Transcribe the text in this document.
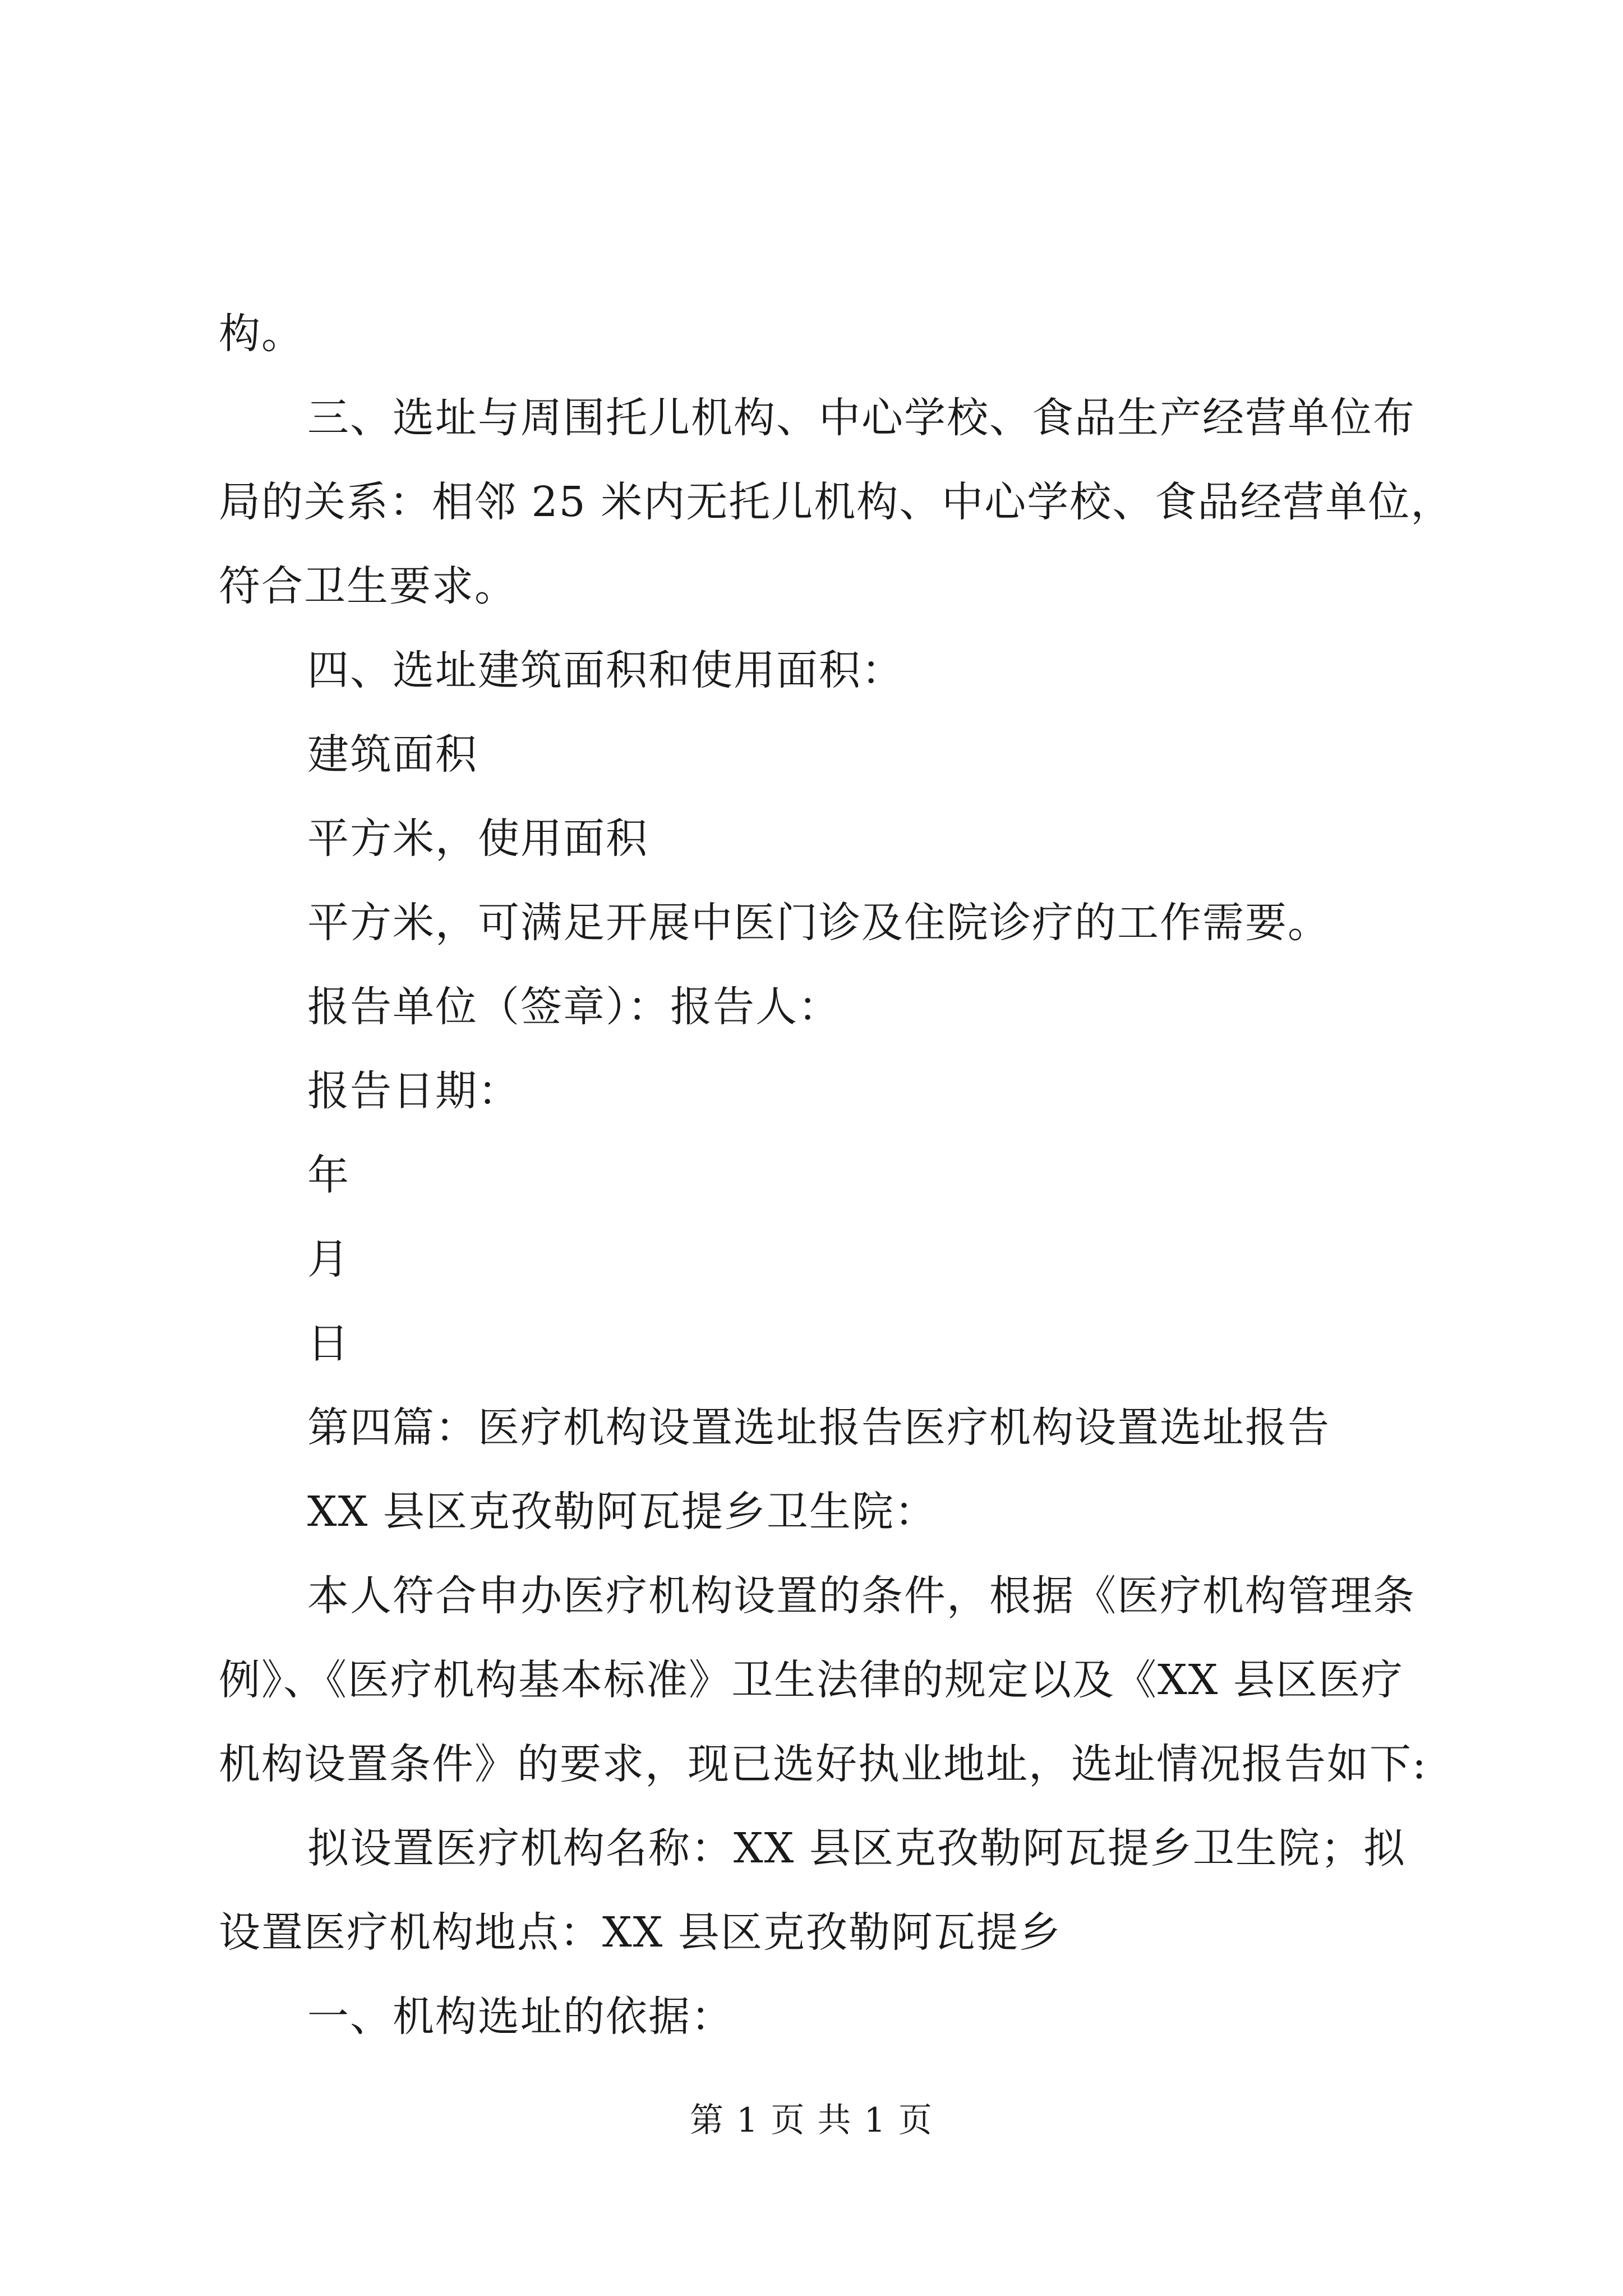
构。
三、选址与周围托儿机构、中心学校、食品生产经营单位布
局的关系：相邻 25 米内无托儿机构、中心学校、食品经营单位，
符合卫生要求。
四、选址建筑面积和使用面积：
建筑面积
平方米，使用面积
平方米，可满足开展中医门诊及住院诊疗的工作需要。
报告单位（签章）：报告人：
报告日期：
年
月
日
第四篇：医疗机构设置选址报告医疗机构设置选址报告
XX 县区克孜勒阿瓦提乡卫生院：
本人符合申办医疗机构设置的条件，根据《医疗机构管理条
例》、《医疗机构基本标准》卫生法律的规定以及《XX 县区医疗
机构设置条件》的要求，现已选好执业地址，选址情况报告如下:
拟设置医疗机构名称：XX 县区克孜勒阿瓦提乡卫生院；拟
设置医疗机构地点：XX 县区克孜勒阿瓦提乡
一、机构选址的依据：
第 1 页 共 1 页
